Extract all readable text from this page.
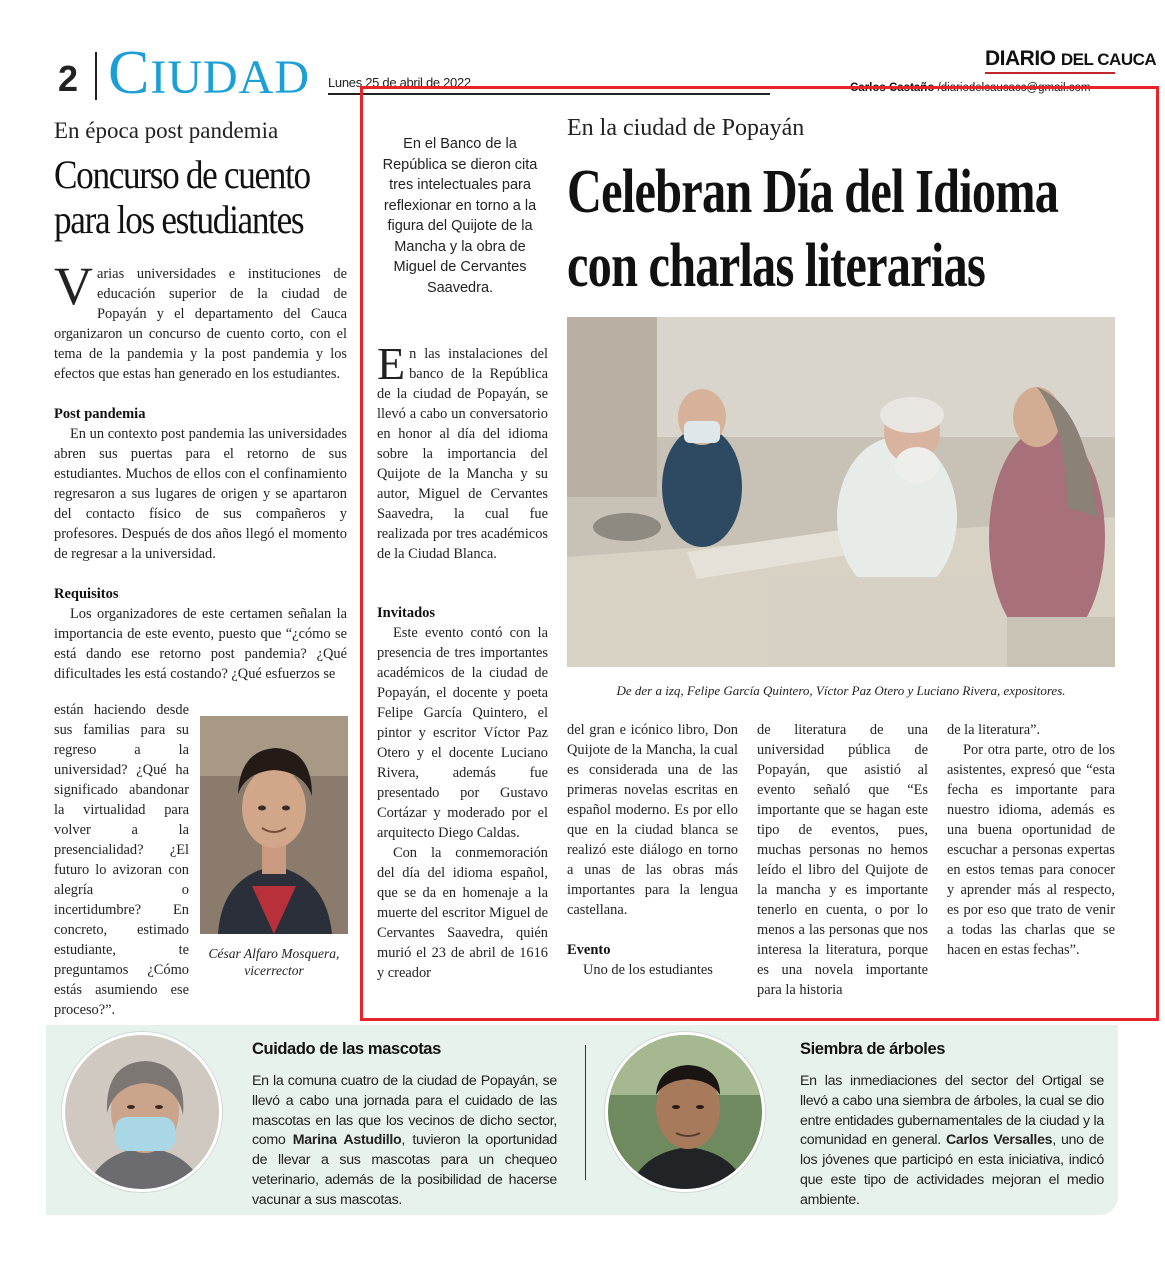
2 CIUDAD Lunes 25 de abril de 2022
DIARIO DEL CAUCA
Carlos Castaño /diariodelcaucacc@gmail.com
En época post pandemia
Concurso de cuento
para los estudiantes

Varias universidades e instituciones de educación superior de la ciudad de Popayán y el departamento del Cauca organizaron un concurso de cuento corto, con el tema de la pandemia y la post pandemia y los efectos que estas han generado en los estudiantes.

Post pandemia

En un contexto post pandemia las universidades abren sus puertas para el retorno de sus estudiantes. Muchos de ellos con el confinamiento regresaron a sus lugares de origen y se apartaron del contacto físico de sus compañeros y profesores. Después de dos años llegó el momento de regresar a la universidad.

Requisitos

Los organizadores de este certamen señalan la importancia de este evento, puesto que “¿cómo se está dando ese retorno post pandemia? ¿Qué dificultades les está costando? ¿Qué esfuerzos se

están haciendo desde sus familias para su regreso a la universidad? ¿Qué ha significado abandonar la virtualidad para volver a la presencialidad? ¿El futuro lo avizoran con alegría o incertidumbre? En concreto, estimado estudiante, te preguntamos ¿Cómo estás asumiendo ese proceso?”.
César Alfaro Mosquera,
vicerrector
En el Banco de la República se dieron cita tres intelectuales para reflexionar en torno a la figura del Quijote de la Mancha y la obra de Miguel de Cervantes Saavedra.
En la ciudad de Popayán
Celebran Día del Idioma
con charlas literarias
De der a izq, Felipe García Quintero, Víctor Paz Otero y Luciano Rivera, expositores.
En las instalaciones del banco de la República de la ciudad de Popayán, se llevó a cabo un conversatorio en honor al día del idioma sobre la importancia del Quijote de la Mancha y su autor, Miguel de Cervantes Saavedra, la cual fue realizada por tres académicos de la Ciudad Blanca.
Invitados

Este evento contó con la presencia de tres importantes académicos de la ciudad de Popayán, el docente y poeta Felipe García Quintero, el pintor y escritor Víctor Paz Otero y el docente Luciano Rivera, además fue presentado por Gustavo Cortázar y moderado por el arquitecto Diego Caldas.

Con la conmemoración del día del idioma español, que se da en homenaje a la muerte del escritor Miguel de Cervantes Saavedra, quién murió el 23 de abril de 1616 y creador

del gran e icónico libro, Don Quijote de la Mancha, la cual es considerada una de las primeras novelas escritas en español moderno. Es por ello que en la ciudad blanca se realizó este diálogo en torno a unas de las obras más importantes para la lengua castellana.

Evento

Uno de los estudiantes

de literatura de una universidad pública de Popayán, que asistió al evento señaló que “Es importante que se hagan este tipo de eventos, pues, muchas personas no hemos leído el libro del Quijote de la mancha y es importante tenerlo en cuenta, o por lo menos a las personas que nos interesa la literatura, porque es una novela importante para la historia

de la literatura”.

Por otra parte, otro de los asistentes, expresó que “esta fecha es importante para nuestro idioma, además es una buena oportunidad de escuchar a personas expertas en estos temas para conocer y aprender más al respecto, es por eso que trato de venir a todas las charlas que se hacen en estas fechas”.

Cuidado de las mascotas
En la comuna cuatro de la ciudad de Popayán, se llevó a cabo una jornada para el cuidado de las mascotas en las que los vecinos de dicho sector, como Marina Astudillo, tuvieron la oportunidad de llevar a sus mascotas para un chequeo veterinario, además de la posibilidad de hacerse vacunar a sus mascotas.
Siembra de árboles
En las inmediaciones del sector del Ortigal se llevó a cabo una siembra de árboles, la cual se dio entre entidades gubernamentales de la ciudad y la comunidad en general. Carlos Versalles, uno de los jóvenes que participó en esta iniciativa, indicó que este tipo de actividades mejoran el medio ambiente.
